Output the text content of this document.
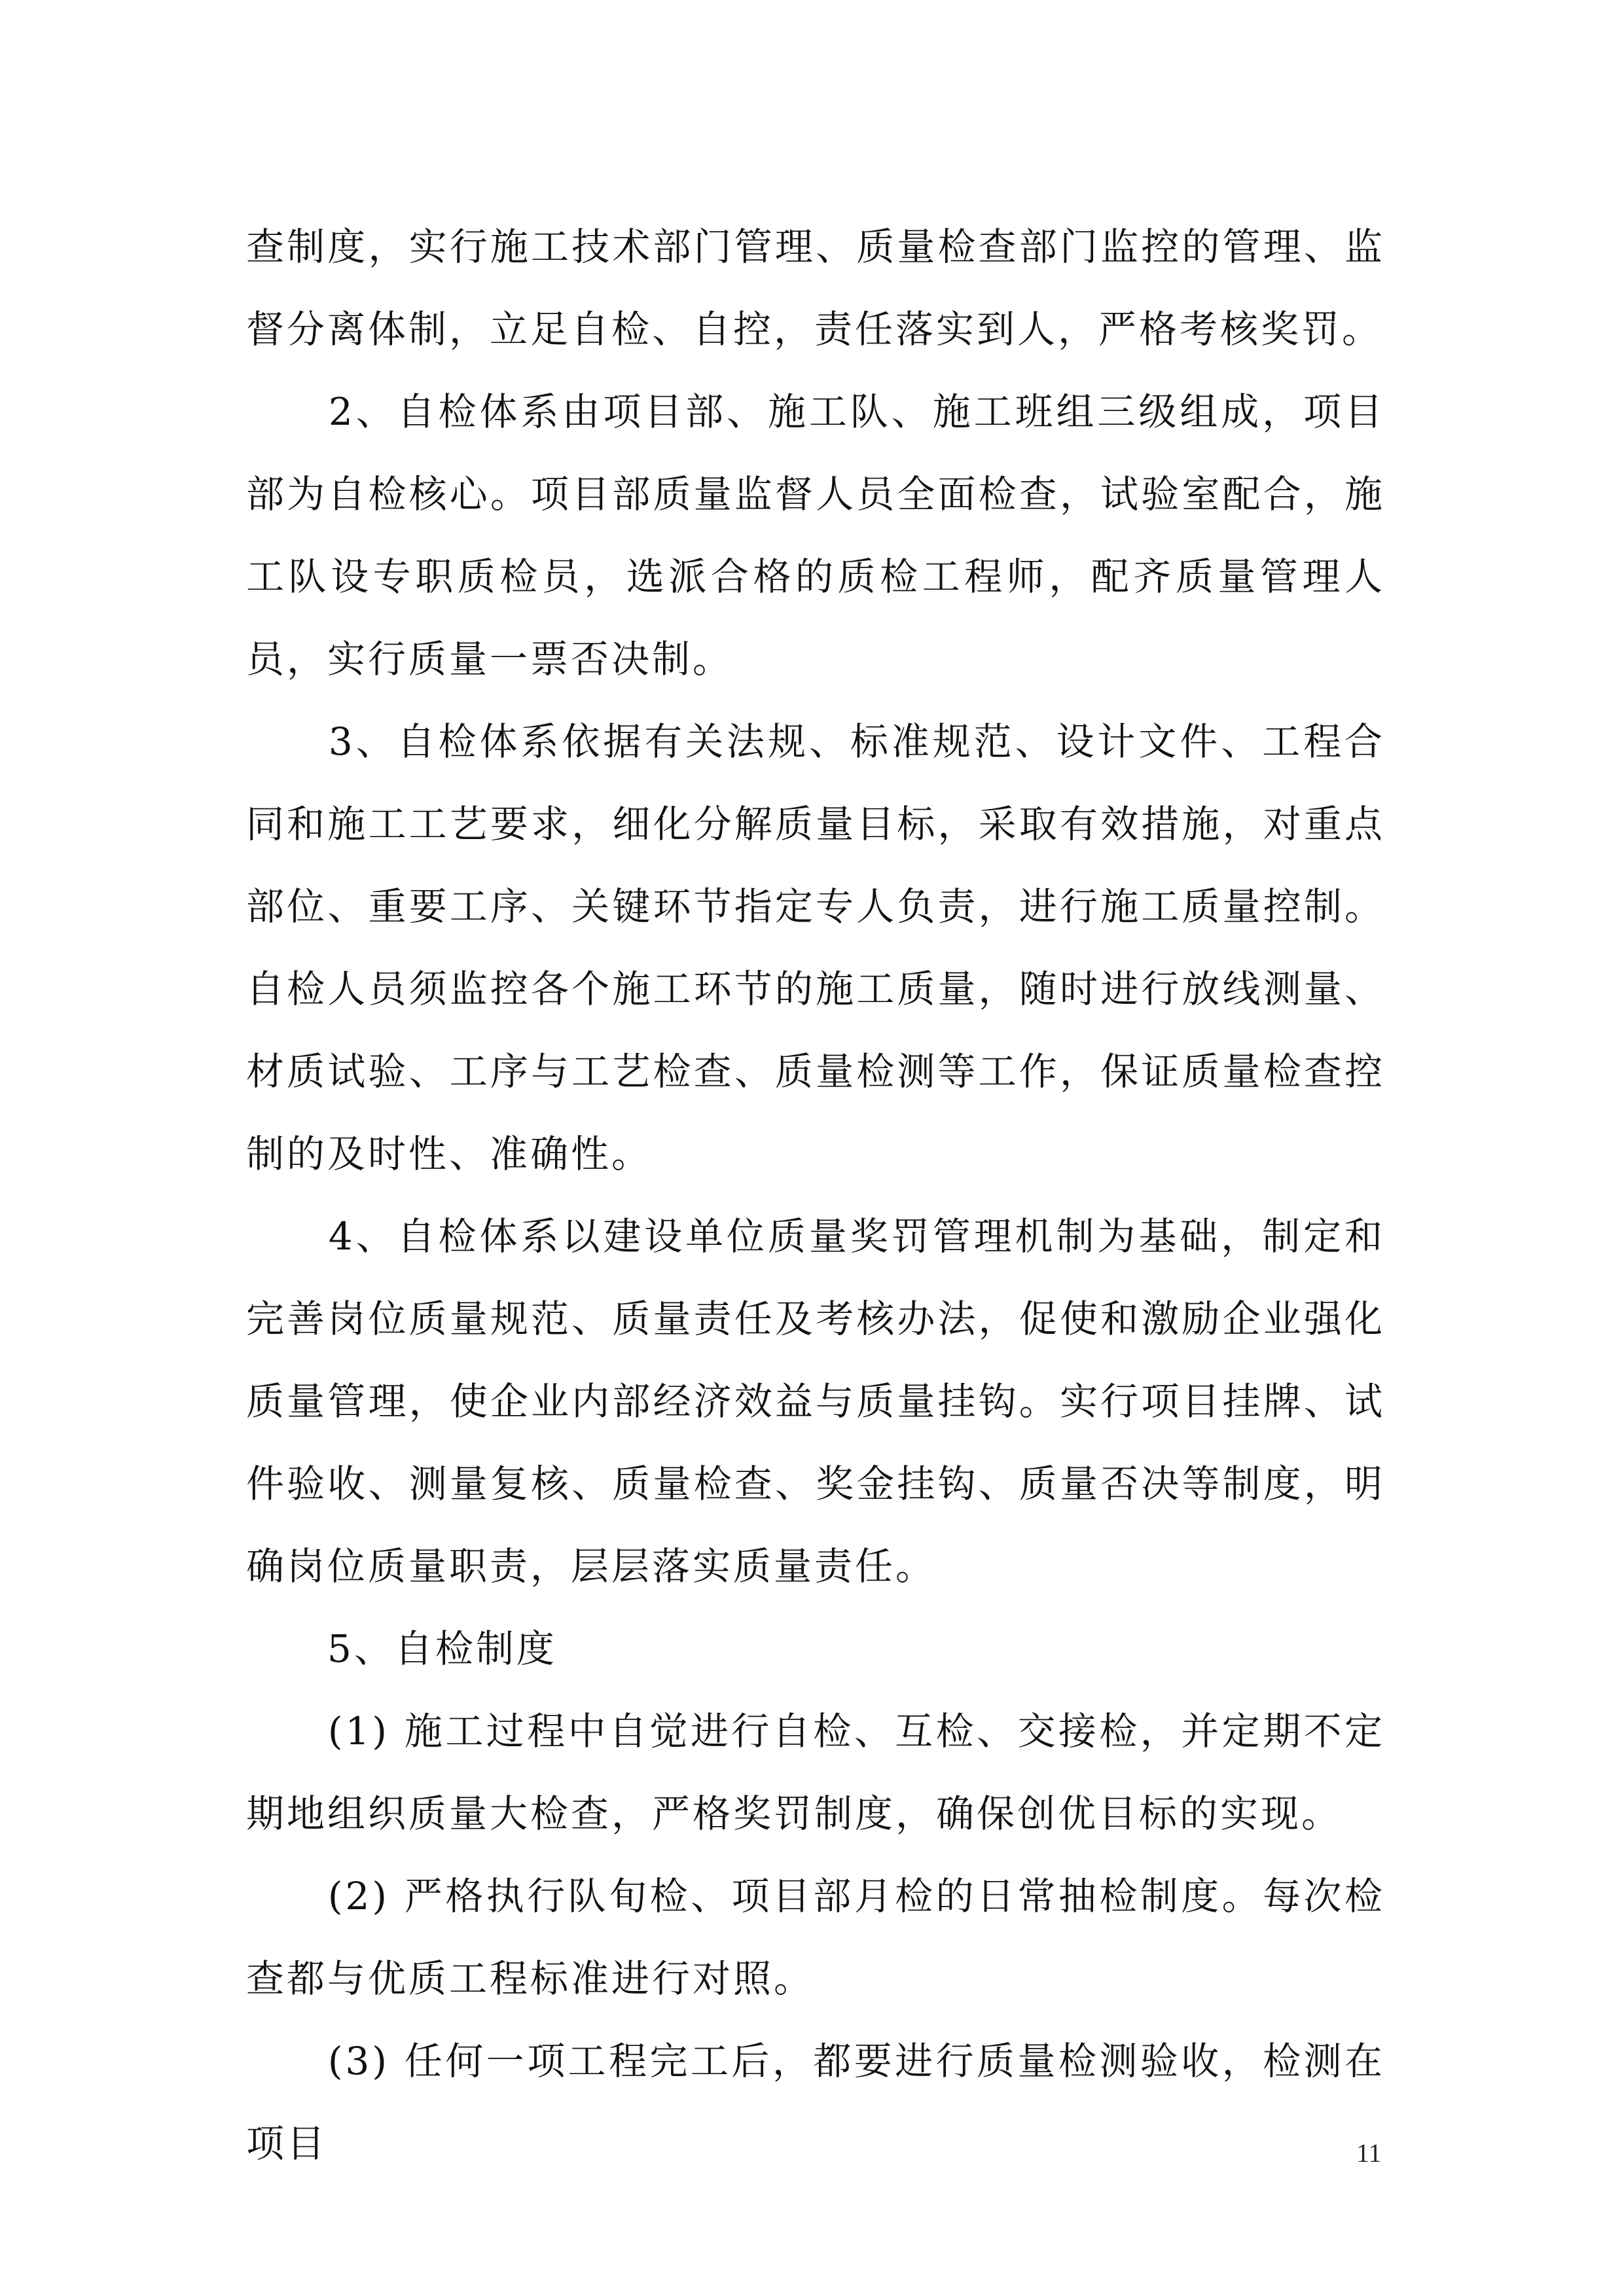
查制度，实行施工技术部门管理、质量检查部门监控的管理、监督分离体制，立足自检、自控，责任落实到人，严格考核奖罚。

　　2、自检体系由项目部、施工队、施工班组三级组成，项目部为自检核心。项目部质量监督人员全面检查，试验室配合，施工队设专职质检员，选派合格的质检工程师，配齐质量管理人员，实行质量一票否决制。

　　3、自检体系依据有关法规、标准规范、设计文件、工程合同和施工工艺要求，细化分解质量目标，采取有效措施，对重点部位、重要工序、关键环节指定专人负责，进行施工质量控制。自检人员须监控各个施工环节的施工质量，随时进行放线测量、材质试验、工序与工艺检查、质量检测等工作，保证质量检查控制的及时性、准确性。

　　4、自检体系以建设单位质量奖罚管理机制为基础，制定和完善岗位质量规范、质量责任及考核办法，促使和激励企业强化质量管理，使企业内部经济效益与质量挂钩。实行项目挂牌、试件验收、测量复核、质量检查、奖金挂钩、质量否决等制度，明确岗位质量职责，层层落实质量责任。

　　5、自检制度

　　(1) 施工过程中自觉进行自检、互检、交接检，并定期不定期地组织质量大检查，严格奖罚制度，确保创优目标的实现。

　　(2) 严格执行队旬检、项目部月检的日常抽检制度。每次检查都与优质工程标准进行对照。

　　(3) 任何一项工程完工后，都要进行质量检测验收，检测在项目	11
